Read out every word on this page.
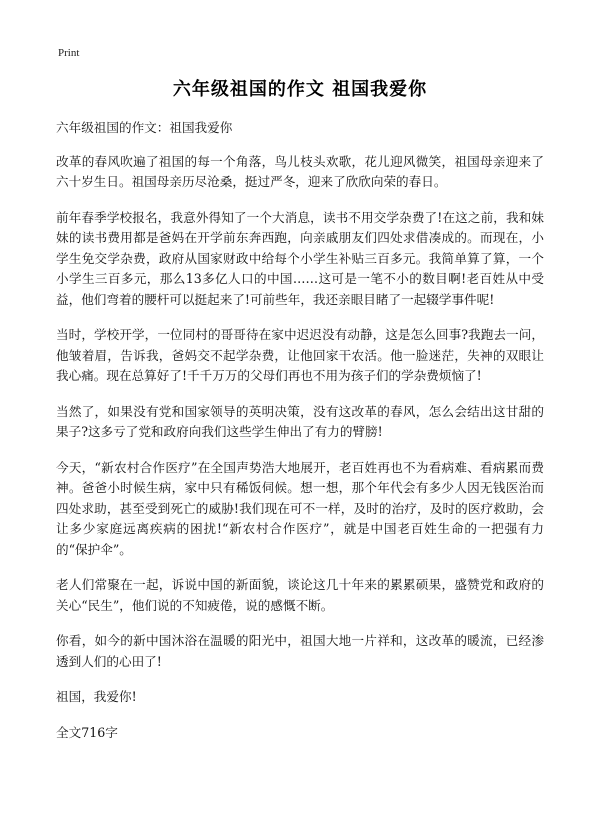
Print
六年级祖国的作文 祖国我爱你

六年级祖国的作文：祖国我爱你

改革的春风吹遍了祖国的每一个角落，鸟儿枝头欢歌，花儿迎风微笑，祖国母亲迎来了六十岁生日。祖国母亲历尽沧桑，挺过严冬，迎来了欣欣向荣的春日。

前年春季学校报名，我意外得知了一个大消息，读书不用交学杂费了!在这之前，我和妹妹的读书费用都是爸妈在开学前东奔西跑，向亲戚朋友们四处求借凑成的。而现在，小学生免交学杂费，政府从国家财政中给每个小学生补贴三百多元。我简单算了算，一个小学生三百多元，那么13多亿人口的中国……这可是一笔不小的数目啊!老百姓从中受益，他们弯着的腰杆可以挺起来了!可前些年，我还亲眼目睹了一起辍学事件呢!

当时，学校开学，一位同村的哥哥待在家中迟迟没有动静，这是怎么回事?我跑去一问，他皱着眉，告诉我，爸妈交不起学杂费，让他回家干农活。他一脸迷茫，失神的双眼让我心痛。现在总算好了!千千万万的父母们再也不用为孩子们的学杂费烦恼了!

当然了，如果没有党和国家领导的英明决策，没有这改革的春风，怎么会结出这甘甜的果子?这多亏了党和政府向我们这些学生伸出了有力的臂膀!

今天，“新农村合作医疗”在全国声势浩大地展开，老百姓再也不为看病难、看病累而费神。爸爸小时候生病，家中只有稀饭伺候。想一想，那个年代会有多少人因无钱医治而四处求助，甚至受到死亡的威胁!我们现在可不一样，及时的治疗，及时的医疗救助，会让多少家庭远离疾病的困扰!“新农村合作医疗”，就是中国老百姓生命的一把强有力的“保护伞”。

老人们常聚在一起，诉说中国的新面貌，谈论这几十年来的累累硕果，盛赞党和政府的关心“民生”，他们说的不知疲倦，说的感慨不断。

你看，如今的新中国沐浴在温暖的阳光中，祖国大地一片祥和，这改革的暖流，已经渗透到人们的心田了!

祖国，我爱你!

全文716字
